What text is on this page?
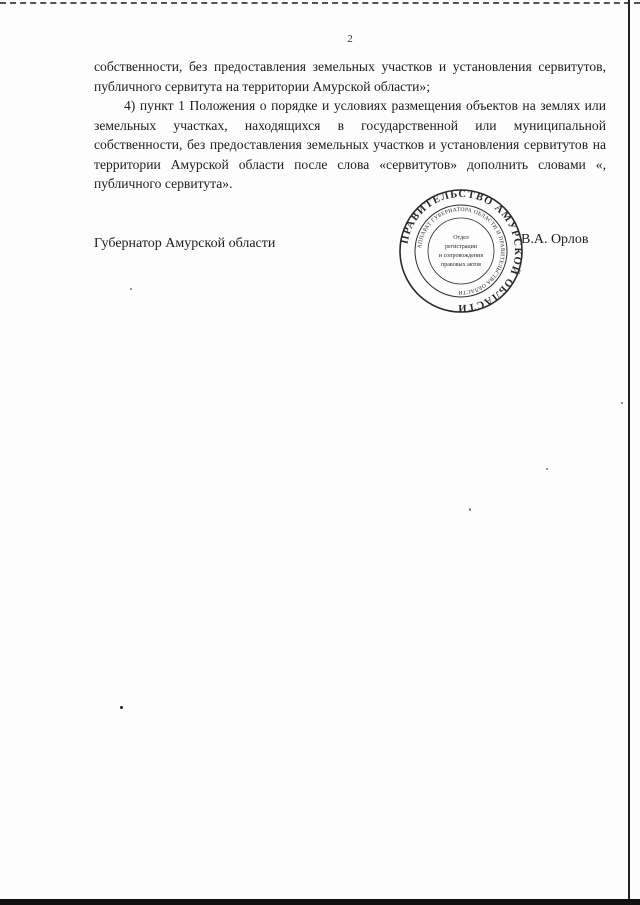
2

собственности, без предоставления земельных участков и установления сервитутов, публичного сервитута на территории Амурской области»;

4) пункт 1 Положения о порядке и условиях размещения объектов на землях или земельных участках, находящихся в государственной или муниципальной собственности, без предоставления земельных участков и установления сервитутов на территории Амурской области после слова «сервитутов» дополнить словами «, публичного сервитута».

Губернатор Амурской области	ПРАВИТЕЛЬСТВО АМУРСКОЙ ОБЛАСТИ
АППАРАТ ГУБЕРНАТОРА ОБЛАСТИ И ПРАВИТЕЛЬСТВА ОБЛАСТИ
Отдел
регистрации
и сопровождения
правовых актов
В.А. Орлов
